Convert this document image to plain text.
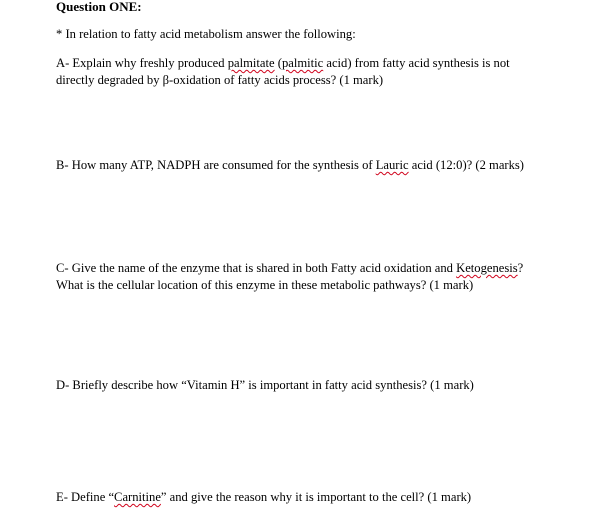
Question ONE:
* In relation to fatty acid metabolism answer the following:
A- Explain why freshly produced palmitate (palmitic acid) from fatty acid synthesis is not
directly degraded by β-oxidation of fatty acids process? (1 mark)
B- How many ATP, NADPH are consumed for the synthesis of Lauric acid (12:0)? (2 marks)
C- Give the name of the enzyme that is shared in both Fatty acid oxidation and Ketogenesis?
What is the cellular location of this enzyme in these metabolic pathways? (1 mark)
D- Briefly describe how “Vitamin H” is important in fatty acid synthesis? (1 mark)
E- Define “Carnitine” and give the reason why it is important to the cell? (1 mark)
